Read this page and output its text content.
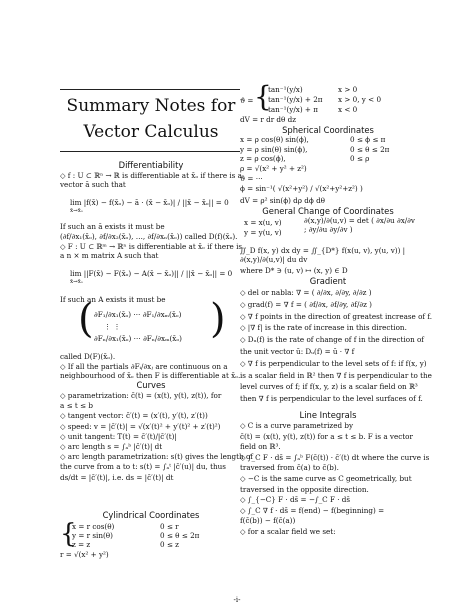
Summary Notes for
Vector Calculus
Differentiability
◇ f : U ⊂ ℝⁿ → ℝ is differentiable at x̄ₒ if there is a
vector ā such that
lim |f(x̄) − f(x̄ₒ) − ā · (x̄ − x̄ₒ)| / ||x̄ − x̄ₒ|| = 0
x̄→x̄ₒ
If such an ā exists it must be
(∂f/∂x₁(x̄ₒ), ∂f/∂x₂(x̄ₒ), …, ∂f/∂xₙ(x̄ₒ)) called D(f)(x̄ₒ).
◇ F : U ⊂ ℝᵐ → ℝⁿ is differentiable at x̄ₒ if there is
a n × m matrix A such that
lim ||F(x̄) − F(x̄ₒ) − A(x̄ − x̄ₒ)|| / ||x̄ − x̄ₒ|| = 0
x̄→x̄ₒ
If such an A exists it must be
( ∂F₁/∂x₁(x̄ₒ) ⋯ ∂F₁/∂xₘ(x̄ₒ)
⋮ ⋮
∂Fₙ/∂x₁(x̄ₒ) ⋯ ∂Fₙ/∂xₘ(x̄ₒ) )
called D(F)(x̄ₒ).
◇ If all the partials ∂Fᵢ/∂xⱼ are continuous on a
neighbourhood of x̄ₒ then F is differentiable at x̄ₒ.
Curves
◇ parametrization: c̄(t) = (x(t), y(t), z(t)), for
a ≤ t ≤ b
◇ tangent vector: c̄′(t) = (x′(t), y′(t), z′(t))
◇ speed: v = |c̄′(t)| = √(x′(t)² + y′(t)² + z′(t)²)
◇ unit tangent: T(t) = c̄′(t)/|c̄′(t)|
◇ arc length s = ∫ₐᵇ |c̄′(t)| dt
◇ arc length parametrization: s(t) gives the length of
the curve from a to t: s(t) = ∫ₐᵗ |c̄′(u)| du, thus
ds/dt = |c̄′(t)|, i.e. ds = |c̄′(t)| dt
Cylindrical Coordinates
{
x = r cos(θ)	0 ≤ r
y = r sin(θ)	0 ≤ θ ≤ 2π
z = z	0 ≤ z
r = √(x² + y²)
ϑ = {
tan⁻¹(y/x)	x > 0
tan⁻¹(y/x) + 2π x > 0, y < 0
tan⁻¹(y/x) + π	x < 0
dV = r dr dθ dz
Spherical Coordinates
x = ρ cos(θ) sin(ϕ),	0 ≤ ϕ ≤ π
y = ρ sin(θ) sin(ϕ),	0 ≤ θ ≤ 2π
z = ρ cos(ϕ),	0 ≤ ρ
ρ = √(x² + y² + z²)
ϑ = ⋯
ϕ = sin⁻¹( √(x²+y²) / √(x²+y²+z²) )
dV = ρ² sin(ϕ) dρ dϕ dθ
General Change of Coordinates
x = x(u, v)
y = y(u, v)
∂(x,y)/∂(u,v) = det ( ∂x/∂u ∂x/∂v ; ∂y/∂u ∂y/∂v )
∬_D f(x, y) dx dy = ∬_{D*} f(x(u, v), y(u, v)) |∂(x,y)/∂(u,v)| du dv
where D* ∋ (u, v) ↦ (x, y) ∈ D
Gradient
◇ del or nabla: ∇ = ( ∂/∂x, ∂/∂y, ∂/∂z )
◇ grad(f) = ∇ f = ( ∂f/∂x, ∂f/∂y, ∂f/∂z )
◇ ∇ f points in the direction of greatest increase of f.
◇ |∇ f| is the rate of increase in this direction.
◇ Dᵤ(f) is the rate of change of f in the direction of
the unit vector ū: Dᵤ(f) = ū · ∇ f
◇ ∇ f is perpendicular to the level sets of f: if f(x, y)
is a scalar field in ℝ² then ∇ f is perpendicular to the
level curves of f; if f(x, y, z) is a scalar field on ℝ³
then ∇ f is perpendicular to the level surfaces of f.
Line Integrals
◇ C is a curve parametrized by
c̄(t) = (x(t), y(t), z(t)) for a ≤ t ≤ b. F is a vector
field on ℝ³.
◇ ∫_C F · ds̄ = ∫ₐᵇ F(c̄(t)) · c̄′(t) dt where the curve is
traversed from c̄(a) to c̄(b).
◇ −C is the same curve as C geometrically, but
traversed in the opposite direction.
◇ ∫_{−C} F · ds̄ = −∫_C F · ds̄
◇ ∫_C ∇ f · ds̄ = f(end) − f(beginning) =
f(c̄(b)) − f(c̄(a))
◇ for a scalar field we set:
-i-
